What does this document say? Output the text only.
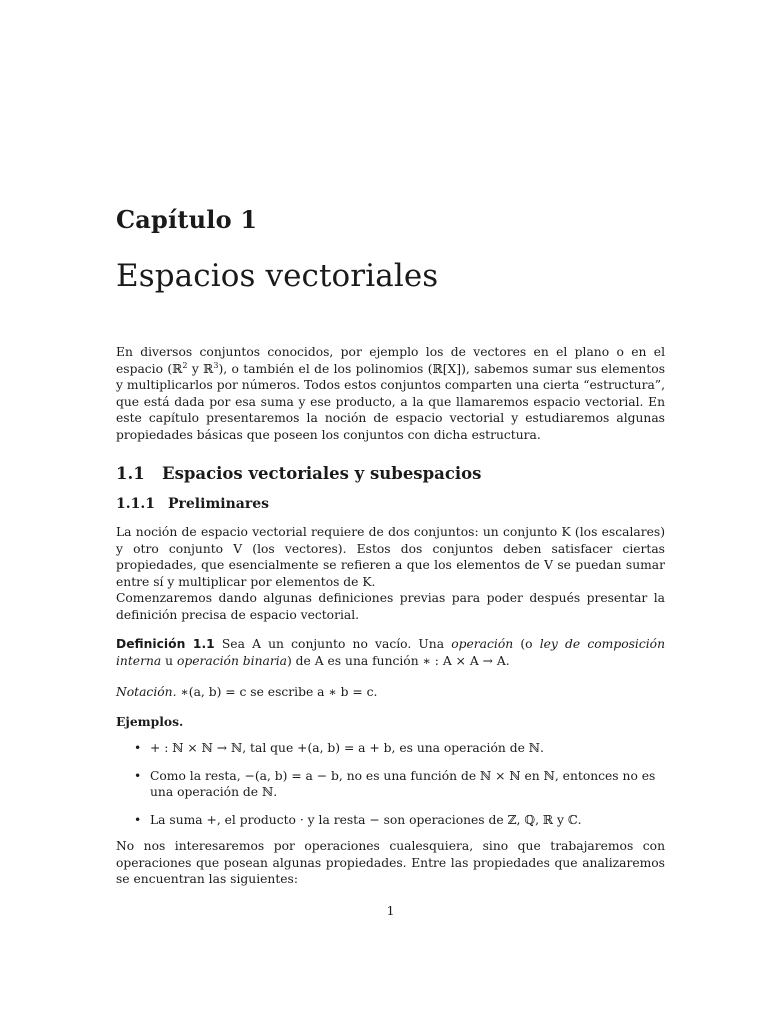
Capítulo 1
Espacios vectoriales

En diversos conjuntos conocidos, por ejemplo los de vectores en el plano o en el espacio (ℝ$^2$ y ℝ$^3$), o también el de los polinomios (ℝ[X]), sabemos sumar sus elementos y multiplicarlos por números. Todos estos conjuntos comparten una cierta “estructura”, que está dada por esa suma y ese producto, a la que llamaremos espacio vectorial. En este capítulo presentaremos la noción de espacio vectorial y estudiaremos algunas propiedades básicas que poseen los conjuntos con dicha estructura.

1.1 Espacios vectoriales y subespacios
1.1.1 Preliminares

La noción de espacio vectorial requiere de dos conjuntos: un conjunto K (los escalares) y otro conjunto V (los vectores). Estos dos conjuntos deben satisfacer ciertas propiedades, que esencialmente se refieren a que los elementos de V se puedan sumar entre sí y multiplicar por elementos de K.

Comenzaremos dando algunas definiciones previas para poder después presentar la definición precisa de espacio vectorial.

Definición 1.1 Sea A un conjunto no vacío. Una operación (o ley de composición interna u operación binaria) de A es una función ∗ : A × A → A.

Notación. ∗(a, b) = c se escribe a ∗ b = c.

Ejemplos.
• + : ℕ × ℕ → ℕ, tal que +(a, b) = a + b, es una operación de ℕ.
• Como la resta, −(a, b) = a − b, no es una función de ℕ × ℕ en ℕ, entonces no es una operación de ℕ.
• La suma +, el producto · y la resta − son operaciones de ℤ, ℚ, ℝ y ℂ.

No nos interesaremos por operaciones cualesquiera, sino que trabajaremos con operaciones que posean algunas propiedades. Entre las propiedades que analizaremos se encuentran las siguientes:

1
